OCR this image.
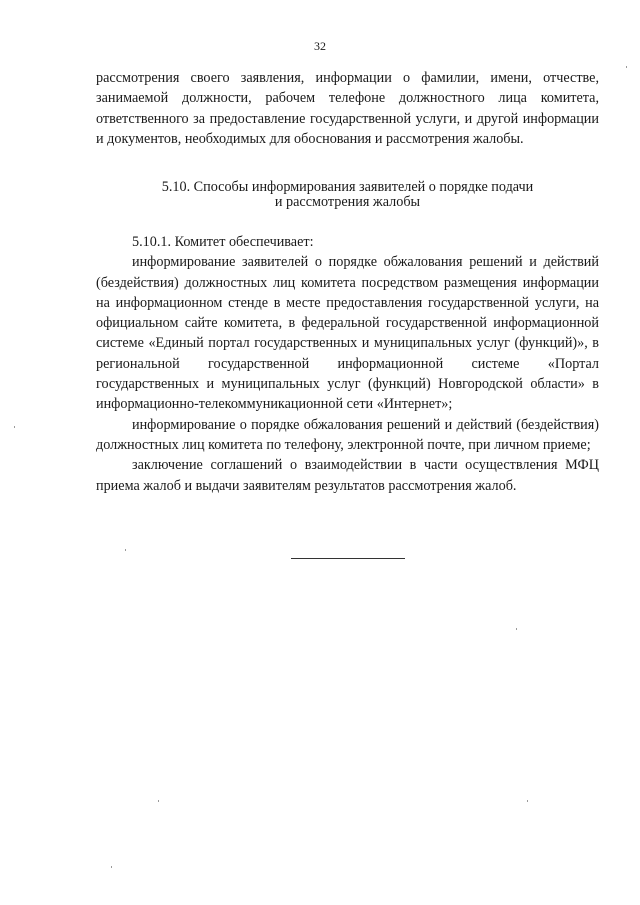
32

рассмотрения своего заявления, информации о фамилии, имени, отчестве, занимаемой должности, рабочем телефоне должностного лица комитета, ответственного за предоставление государственной услуги, и другой информации и документов, необходимых для обоснования и рассмотрения жалобы.

5.10. Способы информирования заявителей о порядке подачи
и рассмотрения жалобы

5.10.1. Комитет обеспечивает:

информирование заявителей о порядке обжалования решений и действий (бездействия) должностных лиц комитета посредством размещения информации на информационном стенде в месте предоставления государственной услуги, на официальном сайте комитета, в федеральной государственной информационной системе «Единый портал государственных и муниципальных услуг (функций)», в региональной государственной информационной системе «Портал государственных и муниципальных услуг (функций) Новгородской области» в информационно-телекоммуникационной сети «Интернет»;

информирование о порядке обжалования решений и действий (бездействия) должностных лиц комитета по телефону, электронной почте, при личном приеме;

заключение соглашений о взаимодействии в части осуществления МФЦ приема жалоб и выдачи заявителям результатов рассмотрения жалоб.
